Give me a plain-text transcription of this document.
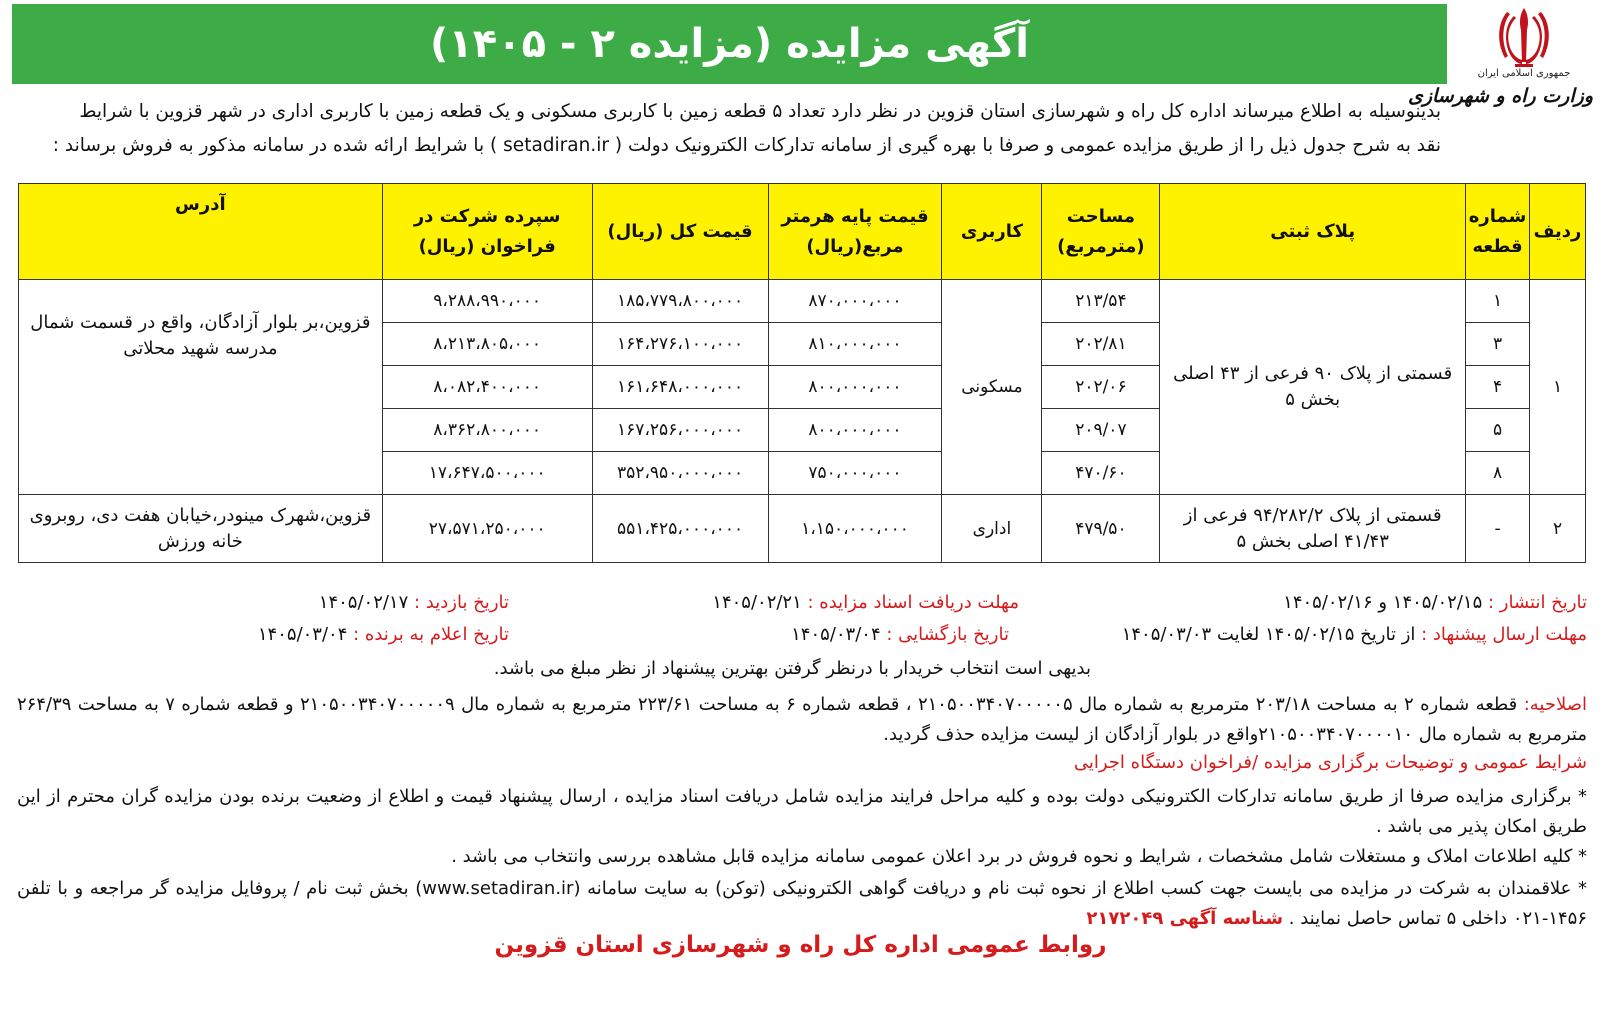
آگهی مزایده (مزایده ۲ - ۱۴۰۵)
جمهوری اسلامی ایران
وزارت راه و شهرسازی
بدینوسیله به اطلاع میرساند اداره کل راه و شهرسازی استان قزوین در نظر دارد تعداد ۵ قطعه زمین با کاربری مسکونی و یک قطعه زمین با کاربری اداری در شهر قزوین با شرایط
نقد به شرح جدول ذیل را از طریق مزایده عمومی و صرفا با بهره گیری از سامانه تدارکات الکترونیک دولت ( setadiran.ir ) با شرایط ارائه شده در سامانه مذکور به فروش برساند :
ردیف	شماره قطعه	پلاک ثبتی	مساحت (مترمربع)	کاربری	قیمت پایه هرمتر مربع(ریال)	قیمت کل (ریال)	سپرده شرکت در فراخوان (ریال)	آدرس
۱	۱	قسمتی از پلاک ۹۰ فرعی از ۴۳ اصلی بخش ۵	۲۱۳/۵۴	مسکونی	۸۷۰،۰۰۰،۰۰۰	۱۸۵،۷۷۹،۸۰۰،۰۰۰	۹،۲۸۸،۹۹۰،۰۰۰	قزوین،بر بلوار آزادگان، واقع در قسمت شمال مدرسه شهید محلاتی
	۳		۲۰۲/۸۱		۸۱۰،۰۰۰،۰۰۰	۱۶۴،۲۷۶،۱۰۰،۰۰۰	۸،۲۱۳،۸۰۵،۰۰۰	
	۴		۲۰۲/۰۶		۸۰۰،۰۰۰،۰۰۰	۱۶۱،۶۴۸،۰۰۰،۰۰۰	۸،۰۸۲،۴۰۰،۰۰۰	
	۵		۲۰۹/۰۷		۸۰۰،۰۰۰،۰۰۰	۱۶۷،۲۵۶،۰۰۰،۰۰۰	۸،۳۶۲،۸۰۰،۰۰۰	
	۸		۴۷۰/۶۰		۷۵۰،۰۰۰،۰۰۰	۳۵۲،۹۵۰،۰۰۰،۰۰۰	۱۷،۶۴۷،۵۰۰،۰۰۰	
۲	-	قسمتی از پلاک ۹۴/۲۸۲/۲ فرعی از ۴۱/۴۳ اصلی بخش ۵	۴۷۹/۵۰	اداری	۱،۱۵۰،۰۰۰،۰۰۰	۵۵۱،۴۲۵،۰۰۰،۰۰۰	۲۷،۵۷۱،۲۵۰،۰۰۰	قزوین،شهرک مینودر،خیابان هفت دی، روبروی خانه ورزش
تاریخ انتشار : ۱۴۰۵/۰۲/۱۵ و ۱۴۰۵/۰۲/۱۶
مهلت دریافت اسناد مزایده : ۱۴۰۵/۰۲/۲۱
تاریخ بازدید : ۱۴۰۵/۰۲/۱۷
مهلت ارسال پیشنهاد : از تاریخ ۱۴۰۵/۰۲/۱۵ لغایت ۱۴۰۵/۰۳/۰۳
تاریخ بازگشایی : ۱۴۰۵/۰۳/۰۴
تاریخ اعلام به برنده : ۱۴۰۵/۰۳/۰۴
بدیهی است انتخاب خریدار با درنظر گرفتن بهترین پیشنهاد از نظر مبلغ می باشد.
اصلاحیه: قطعه شماره ۲ به مساحت ۲۰۳/۱۸ مترمربع به شماره مال ۲۱۰۵۰۰۳۴۰۷۰۰۰۰۰۵ ، قطعه شماره ۶ به مساحت ۲۲۳/۶۱ مترمربع به شماره مال ۲۱۰۵۰۰۳۴۰۷۰۰۰۰۰۹ و قطعه شماره ۷ به مساحت ۲۶۴/۳۹ مترمربع به شماره مال ۲۱۰۵۰۰۳۴۰۷۰۰۰۰۱۰واقع در بلوار آزادگان از لیست مزایده حذف گردید.
شرایط عمومی و توضیحات برگزاری مزایده /فراخوان دستگاه اجرایی
* برگزاری مزایده صرفا از طریق سامانه تدارکات الکترونیکی دولت بوده و کلیه مراحل فرایند مزایده شامل دریافت اسناد مزایده ، ارسال پیشنهاد قیمت و اطلاع از وضعیت برنده بودن مزایده گران محترم از این طریق امکان پذیر می باشد .
* کلیه اطلاعات املاک و مستغلات شامل مشخصات ، شرایط و نحوه فروش در برد اعلان عمومی سامانه مزایده قابل مشاهده بررسی وانتخاب می باشد .
* علاقمندان به شرکت در مزایده می بایست جهت کسب اطلاع از نحوه ثبت نام و دریافت گواهی الکترونیکی (توکن) به سایت سامانه (www.setadiran.ir) بخش ثبت نام / پروفایل مزایده گر مراجعه و با تلفن ۱۴۵۶-۰۲۱ داخلی ۵ تماس حاصل نمایند . شناسه آگهی ۲۱۷۲۰۴۹
روابط عمومی اداره کل راه و شهرسازی استان قزوین
